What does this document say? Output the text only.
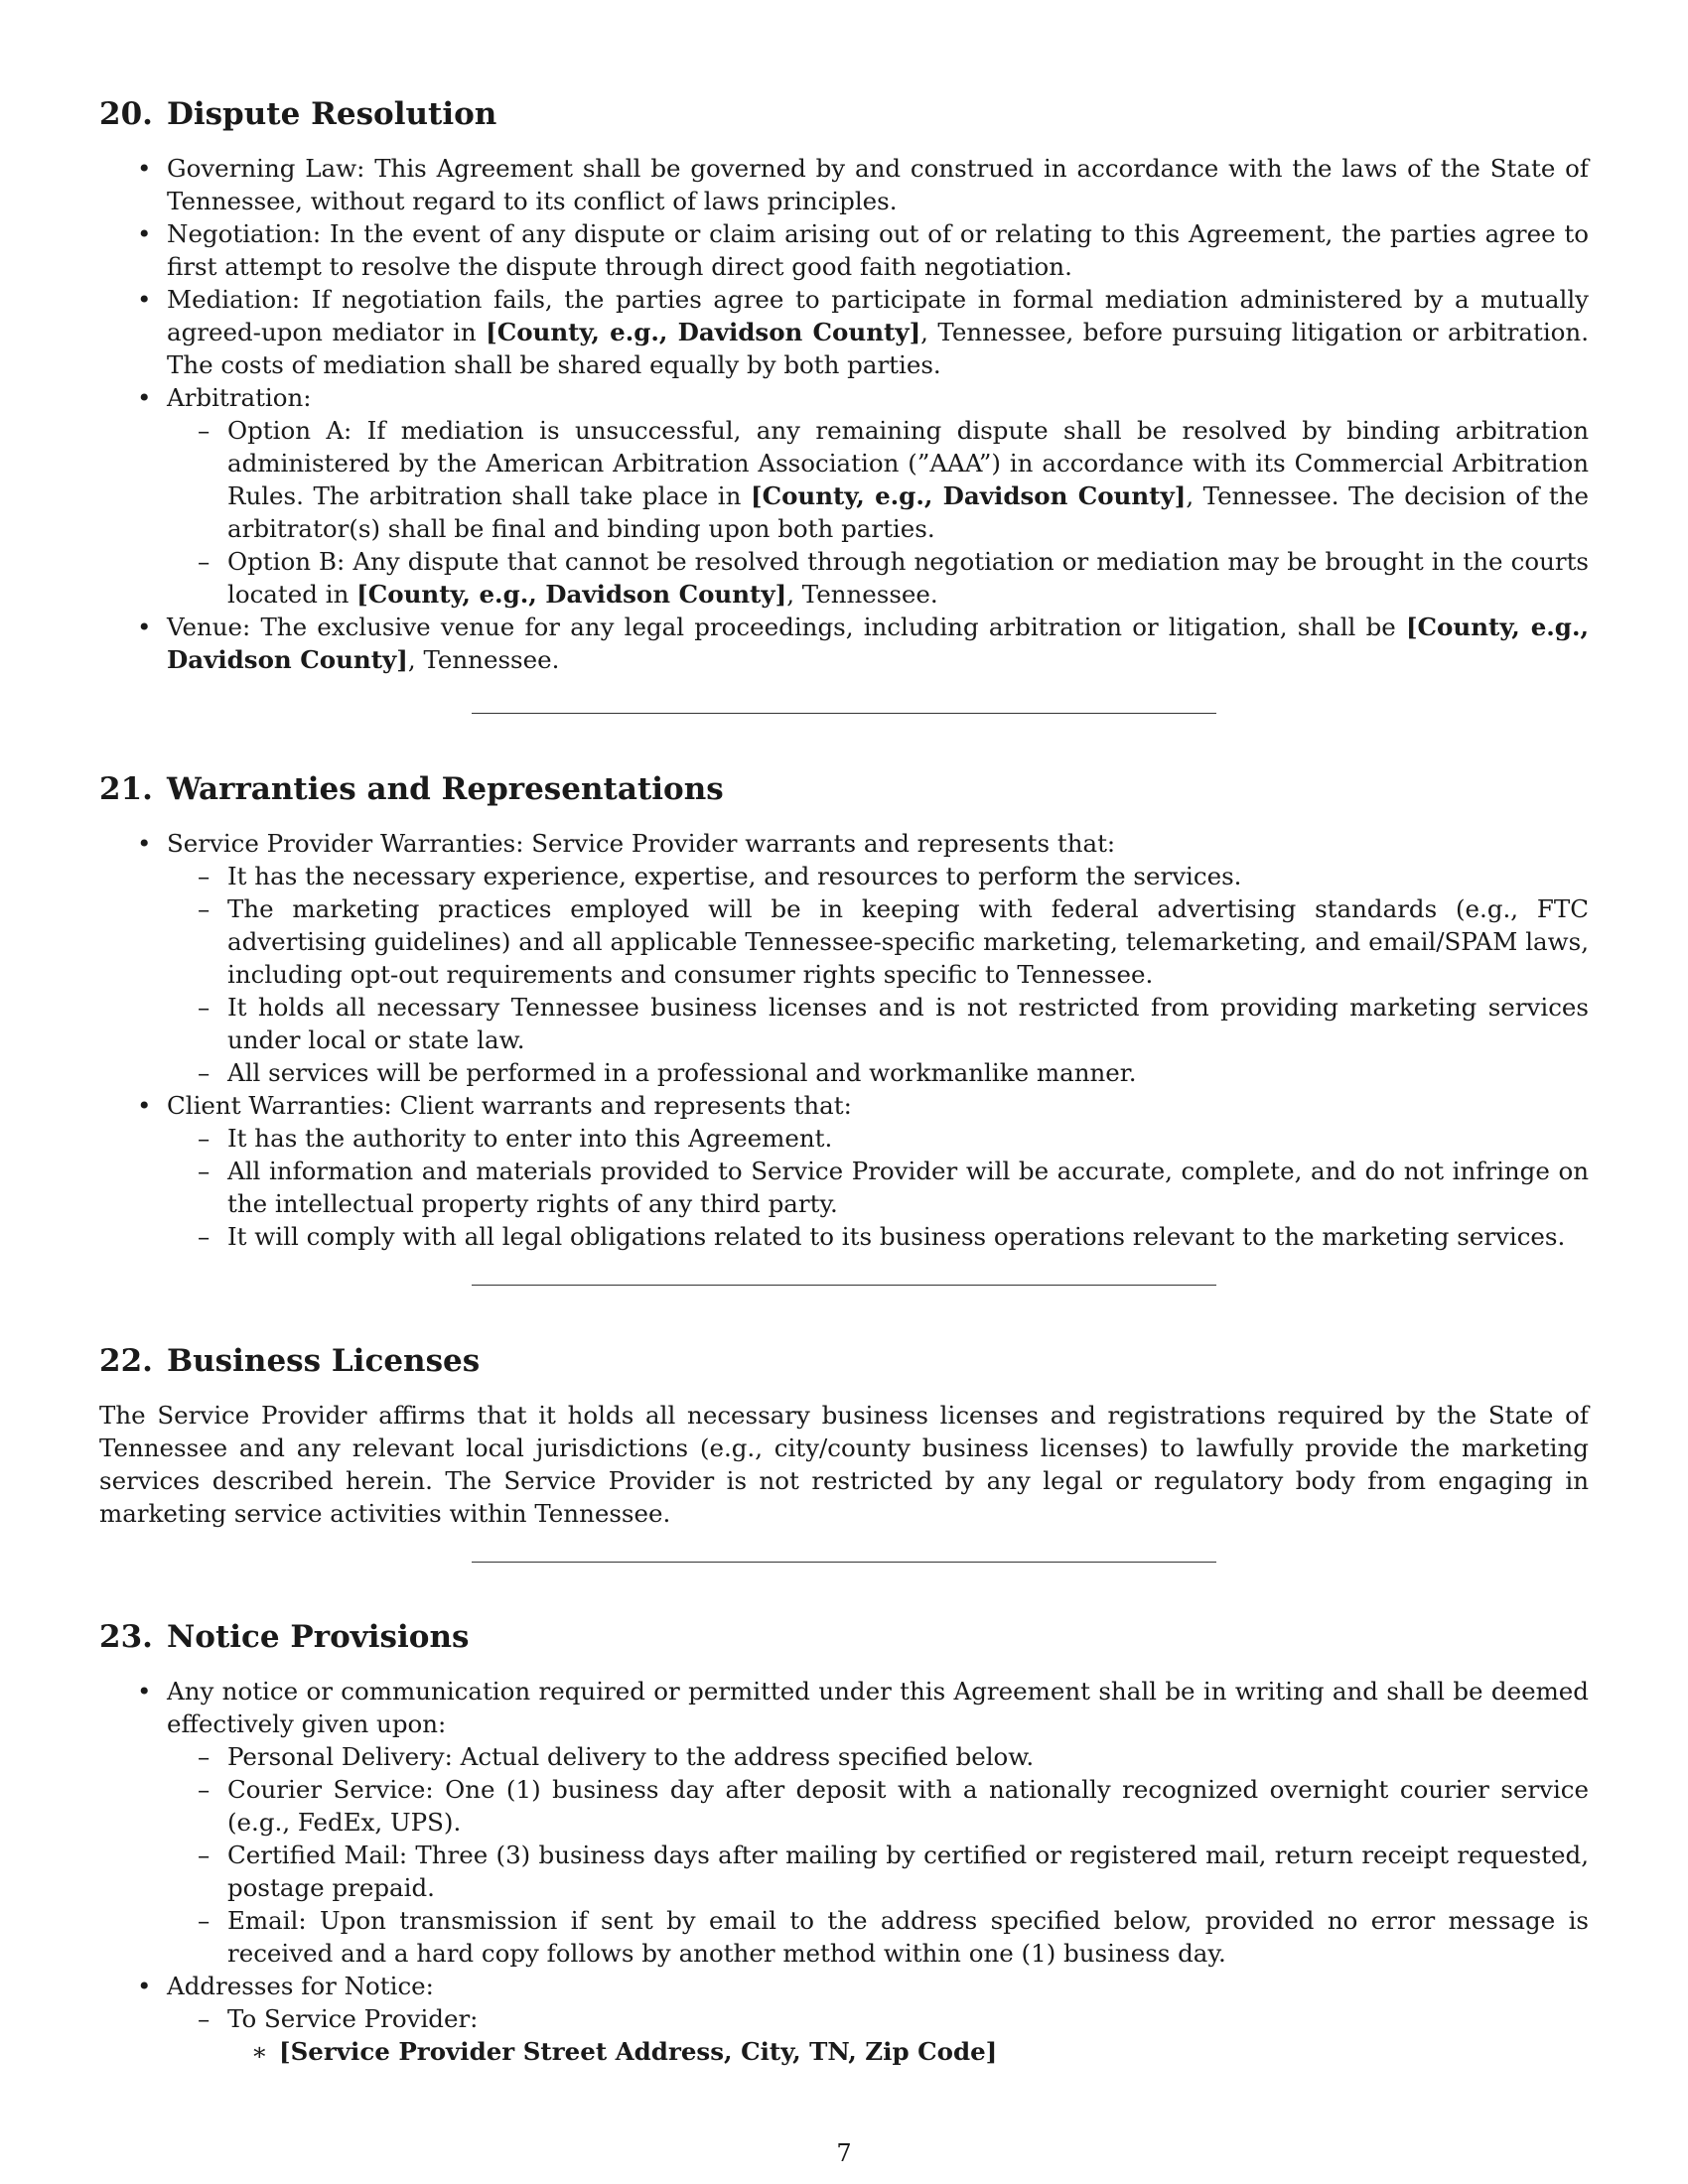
20. Dispute Resolution
• Governing Law: This Agreement shall be governed by and construed in accordance with the laws of the State of Tennessee, without regard to its conflict of laws principles.
• Negotiation: In the event of any dispute or claim arising out of or relating to this Agreement, the parties agree to first attempt to resolve the dispute through direct good faith negotiation.
• Mediation: If negotiation fails, the parties agree to participate in formal mediation administered by a mutually agreed-upon mediator in [County, e.g., Davidson County], Tennessee, before pursuing litigation or arbitration. The costs of mediation shall be shared equally by both parties.
• Arbitration:
– Option A: If mediation is unsuccessful, any remaining dispute shall be resolved by binding arbitration administered by the American Arbitration Association (”AAA”) in accordance with its Commercial Arbitration Rules. The arbitration shall take place in [County, e.g., Davidson County], Tennessee. The decision of the arbitrator(s) shall be final and binding upon both parties.
– Option B: Any dispute that cannot be resolved through negotiation or mediation may be brought in the courts located in [County, e.g., Davidson County], Tennessee.
• Venue: The exclusive venue for any legal proceedings, including arbitration or litigation, shall be [County, e.g., Davidson County], Tennessee.
21. Warranties and Representations
• Service Provider Warranties: Service Provider warrants and represents that:
– It has the necessary experience, expertise, and resources to perform the services.
– The marketing practices employed will be in keeping with federal advertising standards (e.g., FTC advertising guidelines) and all applicable Tennessee-specific marketing, telemarketing, and email/SPAM laws, including opt-out requirements and consumer rights specific to Tennessee.
– It holds all necessary Tennessee business licenses and is not restricted from providing marketing services under local or state law.
– All services will be performed in a professional and workmanlike manner.
• Client Warranties: Client warrants and represents that:
– It has the authority to enter into this Agreement.
– All information and materials provided to Service Provider will be accurate, complete, and do not infringe on the intellectual property rights of any third party.
– It will comply with all legal obligations related to its business operations relevant to the marketing services.
22. Business Licenses

The Service Provider affirms that it holds all necessary business licenses and registrations required by the State of Tennessee and any relevant local jurisdictions (e.g., city/county business licenses) to lawfully provide the marketing services described herein. The Service Provider is not restricted by any legal or regulatory body from engaging in marketing service activities within Tennessee.

23. Notice Provisions
• Any notice or communication required or permitted under this Agreement shall be in writing and shall be deemed effectively given upon:
– Personal Delivery: Actual delivery to the address specified below.
– Courier Service: One (1) business day after deposit with a nationally recognized overnight courier service (e.g., FedEx, UPS).
– Certified Mail: Three (3) business days after mailing by certified or registered mail, return receipt requested, postage prepaid.
– Email: Upon transmission if sent by email to the address specified below, provided no error message is received and a hard copy follows by another method within one (1) business day.
• Addresses for Notice:
– To Service Provider:
∗ [Service Provider Street Address, City, TN, Zip Code]
7
